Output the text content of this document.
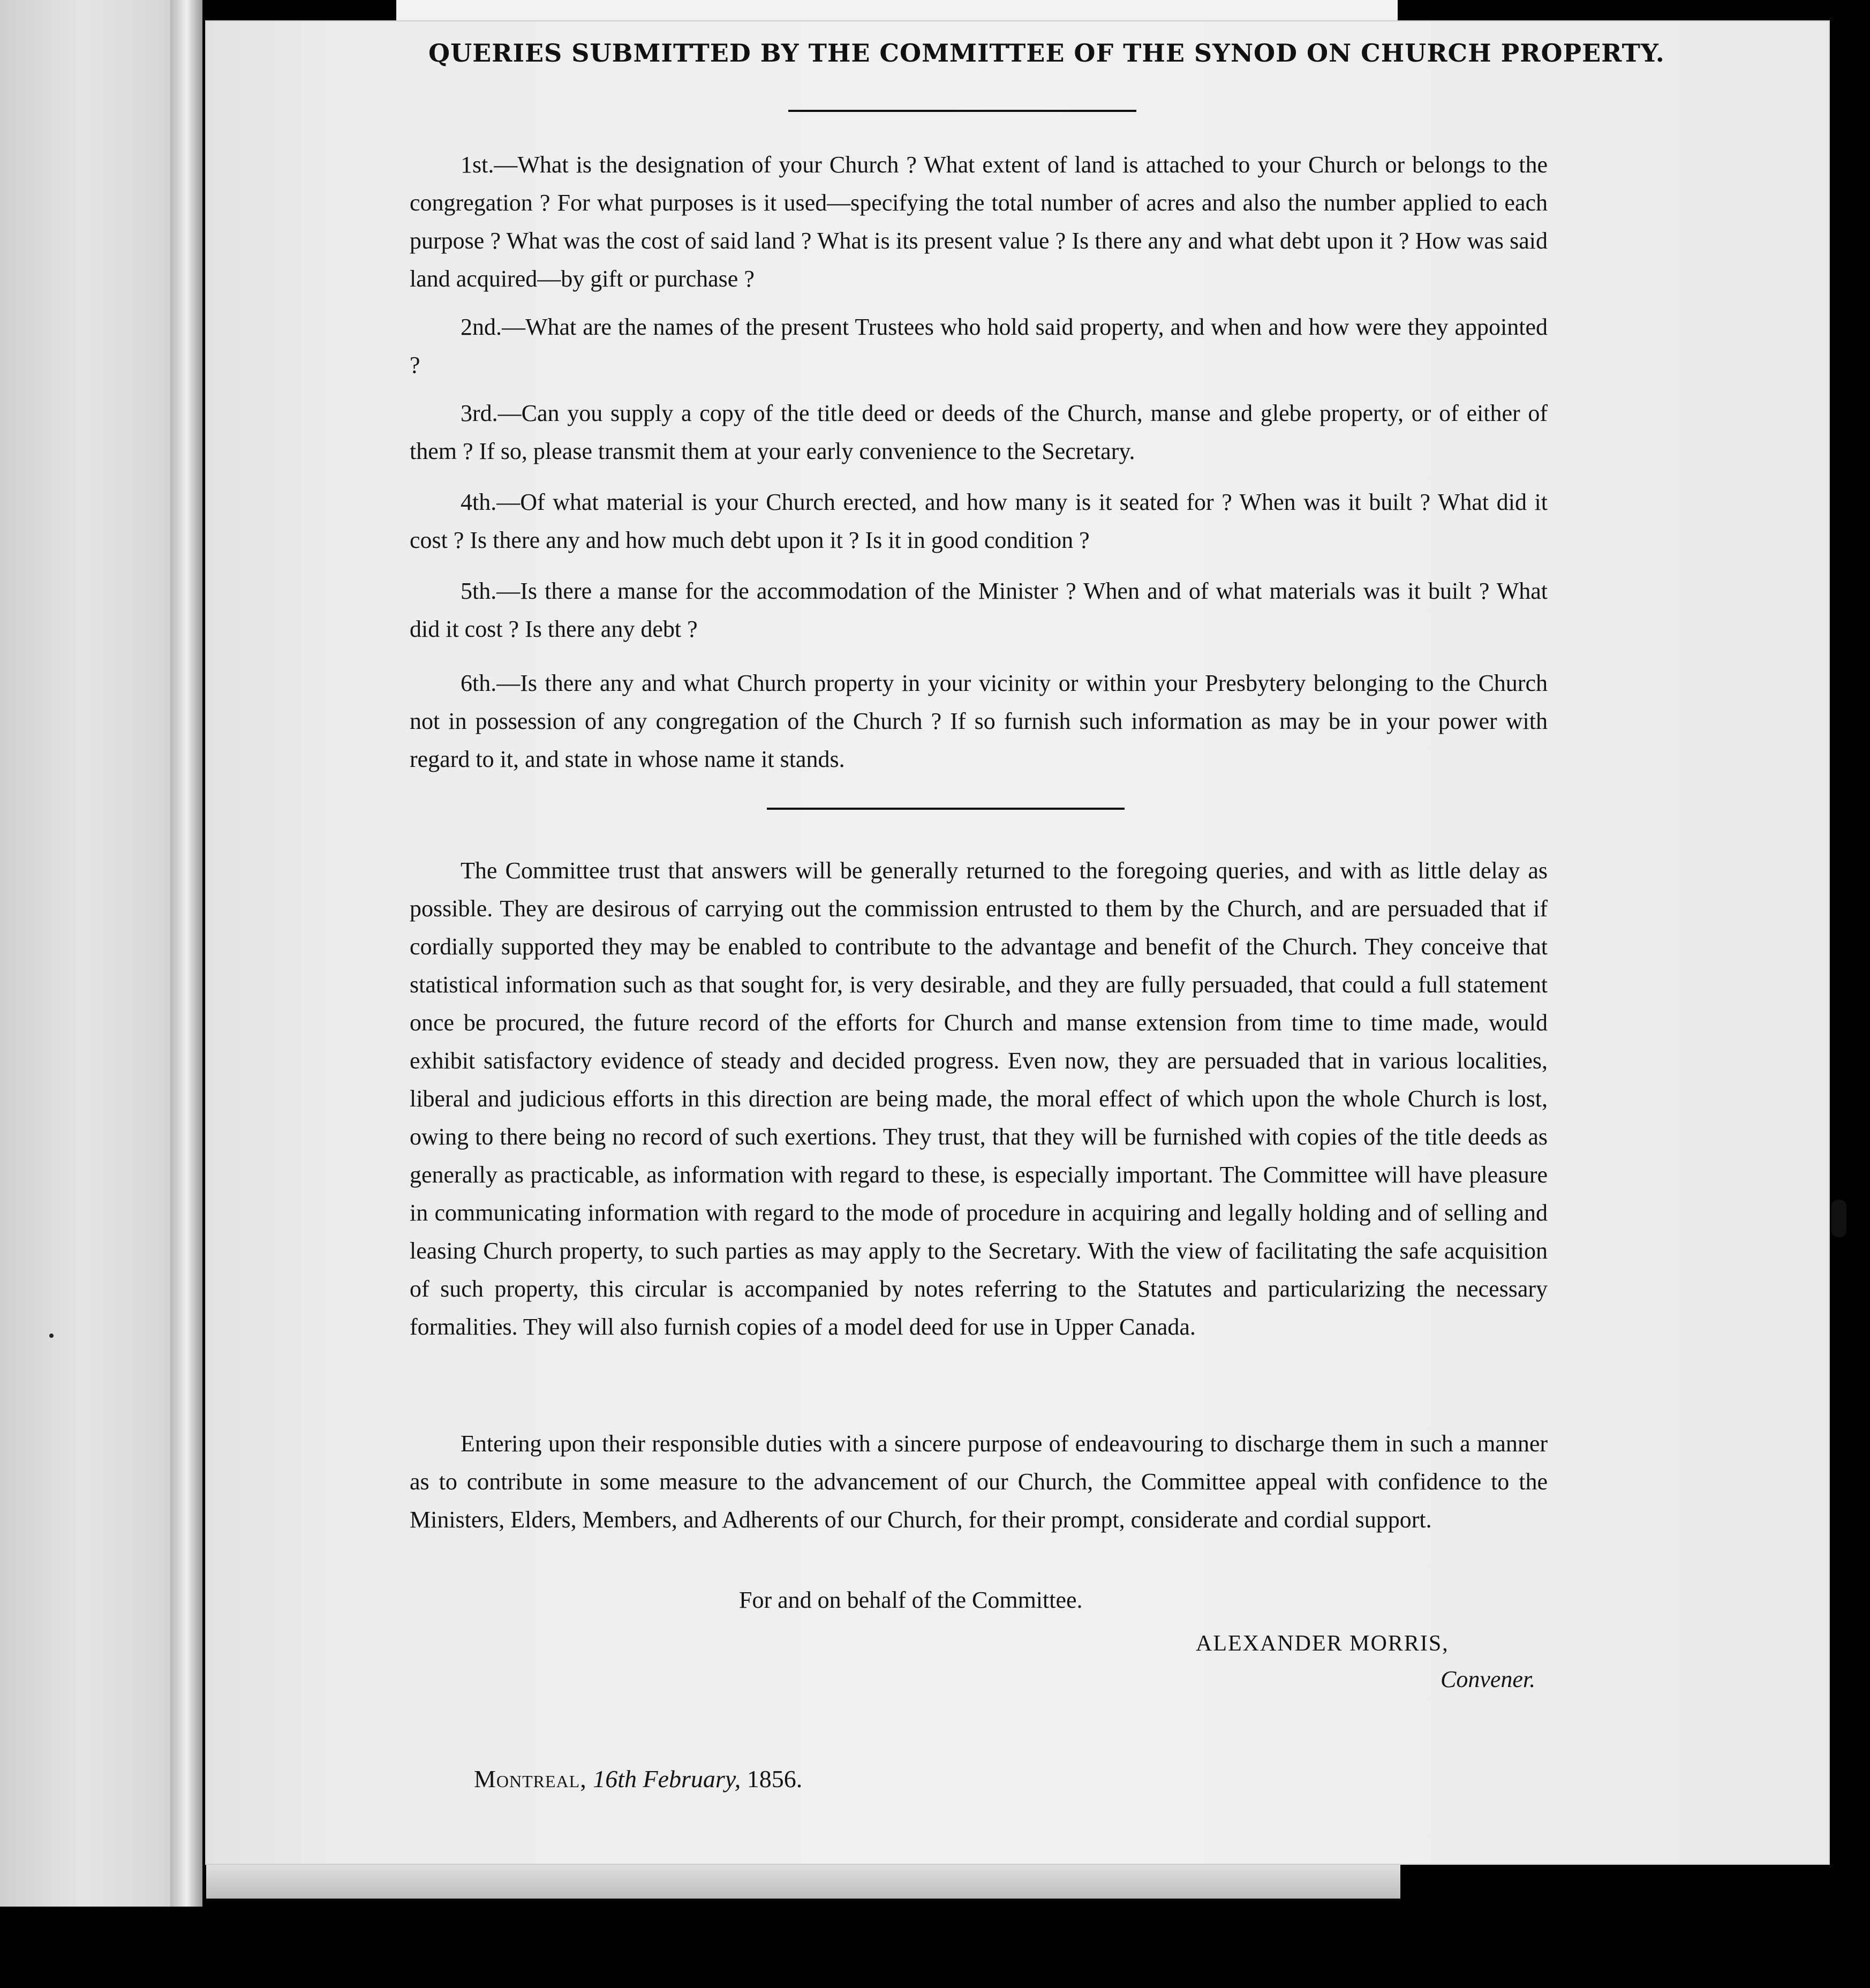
QUERIES SUBMITTED BY THE COMMITTEE OF THE SYNOD ON CHURCH PROPERTY.

1st.—What is the designation of your Church ? What extent of land is attached to your Church or belongs to the congregation ? For what purposes is it used—specifying the total number of acres and also the number applied to each purpose ? What was the cost of said land ? What is its present value ? Is there any and what debt upon it ? How was said land acquired—by gift or purchase ?

2nd.—What are the names of the present Trustees who hold said property, and when and how were they appointed ?

3rd.—Can you supply a copy of the title deed or deeds of the Church, manse and glebe property, or of either of them ? If so, please transmit them at your early convenience to the Secretary.

4th.—Of what material is your Church erected, and how many is it seated for ? When was it built ? What did it cost ? Is there any and how much debt upon it ? Is it in good condition ?

5th.—Is there a manse for the accommodation of the Minister ? When and of what materials was it built ? What did it cost ? Is there any debt ?

6th.—Is there any and what Church property in your vicinity or within your Presbytery belonging to the Church not in possession of any congregation of the Church ? If so furnish such information as may be in your power with regard to it, and state in whose name it stands.

The Committee trust that answers will be generally returned to the foregoing queries, and with as little delay as possible. They are desirous of carrying out the commission entrusted to them by the Church, and are persuaded that if cordially supported they may be enabled to contribute to the advantage and benefit of the Church. They conceive that statistical information such as that sought for, is very desirable, and they are fully persuaded, that could a full statement once be procured, the future record of the efforts for Church and manse extension from time to time made, would exhibit satisfactory evidence of steady and decided progress. Even now, they are persuaded that in various localities, liberal and judicious efforts in this direction are being made, the moral effect of which upon the whole Church is lost, owing to there being no record of such exertions. They trust, that they will be furnished with copies of the title deeds as generally as practicable, as information with regard to these, is especially important. The Committee will have pleasure in communicating information with regard to the mode of procedure in acquiring and legally holding and of selling and leasing Church property, to such parties as may apply to the Secretary. With the view of facilitating the safe acquisition of such property, this circular is accompanied by notes referring to the Statutes and particularizing the necessary formalities. They will also furnish copies of a model deed for use in Upper Canada.

Entering upon their responsible duties with a sincere purpose of endeavouring to discharge them in such a manner as to contribute in some measure to the advancement of our Church, the Committee appeal with confidence to the Ministers, Elders, Members, and Adherents of our Church, for their prompt, considerate and cordial support.

For and on behalf of the Committee.
ALEXANDER MORRIS,
Convener.
Montreal, 16th February, 1856.
